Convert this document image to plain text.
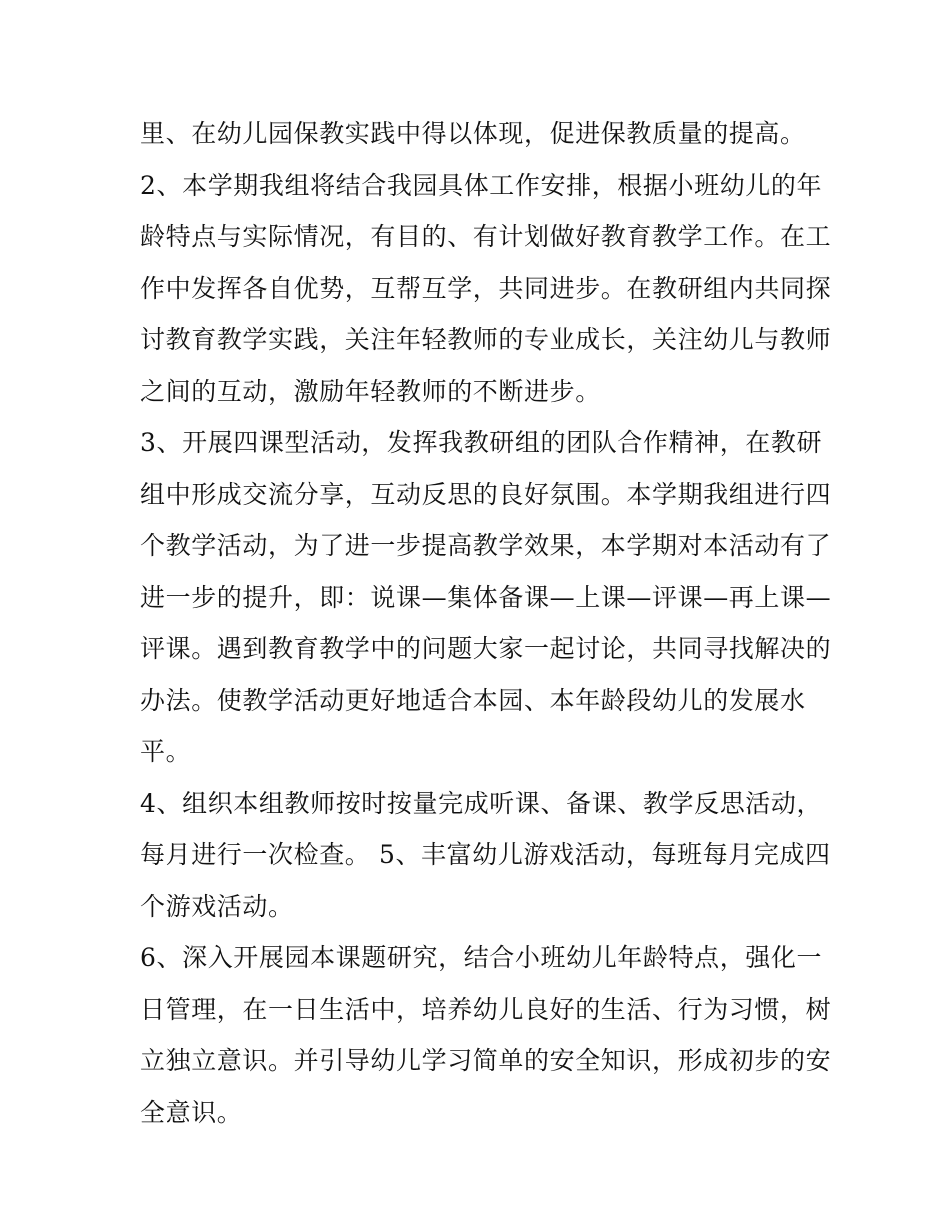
里、在幼儿园保教实践中得以体现，促进保教质量的提高。
2、本学期我组将结合我园具体工作安排，根据小班幼儿的年
龄特点与实际情况，有目的、有计划做好教育教学工作。在工
作中发挥各自优势，互帮互学，共同进步。在教研组内共同探
讨教育教学实践，关注年轻教师的专业成长，关注幼儿与教师
之间的互动，激励年轻教师的不断进步。
3、开展四课型活动，发挥我教研组的团队合作精神，在教研
组中形成交流分享，互动反思的良好氛围。本学期我组进行四
个教学活动，为了进一步提高教学效果，本学期对本活动有了
进一步的提升，即：说课—集体备课—上课—评课—再上课—
评课。遇到教育教学中的问题大家一起讨论，共同寻找解决的
办法。使教学活动更好地适合本园、本年龄段幼儿的发展水
平。
4、组织本组教师按时按量完成听课、备课、教学反思活动，
每月进行一次检查。 5、丰富幼儿游戏活动，每班每月完成四
个游戏活动。
6、深入开展园本课题研究，结合小班幼儿年龄特点，强化一
日管理，在一日生活中，培养幼儿良好的生活、行为习惯，树
立独立意识。并引导幼儿学习简单的安全知识，形成初步的安
全意识。
